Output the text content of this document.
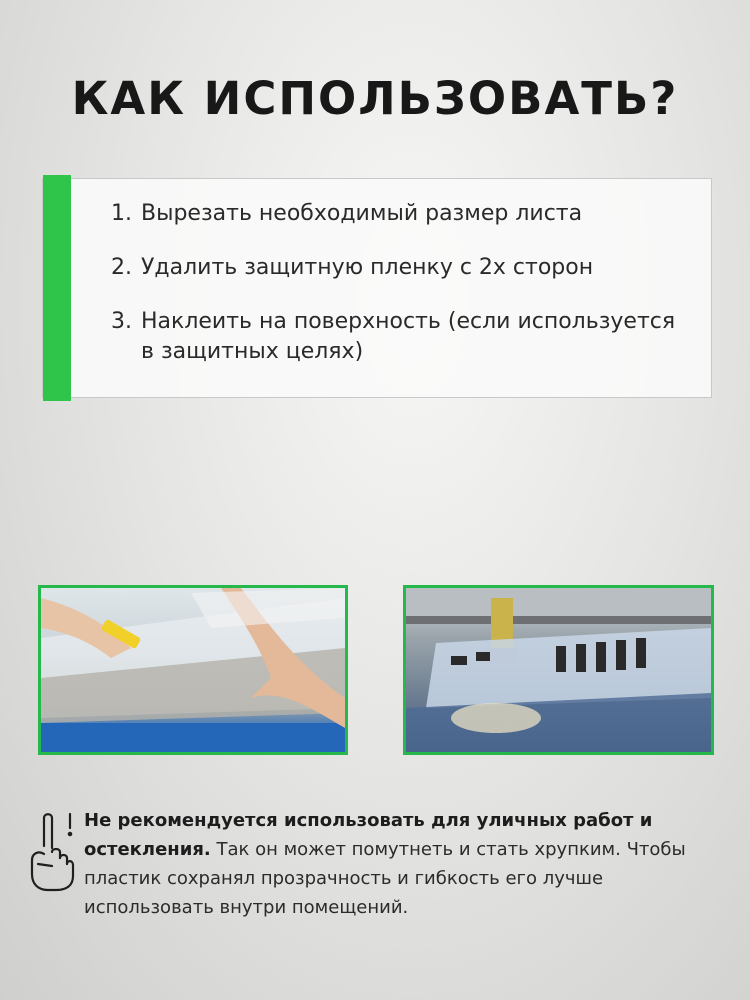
КАК ИСПОЛЬЗОВАТЬ?
1. Вырезать необходимый размер листа
2. Удалить защитную пленку с 2х сторон
3. Наклеить на поверхность (если используется в защитных целях)
Не рекомендуется использовать для уличных работ и остекления. Так он может помутнеть и стать хрупким. Чтобы пластик сохранял прозрачность и гибкость его лучше использовать внутри помещений.
